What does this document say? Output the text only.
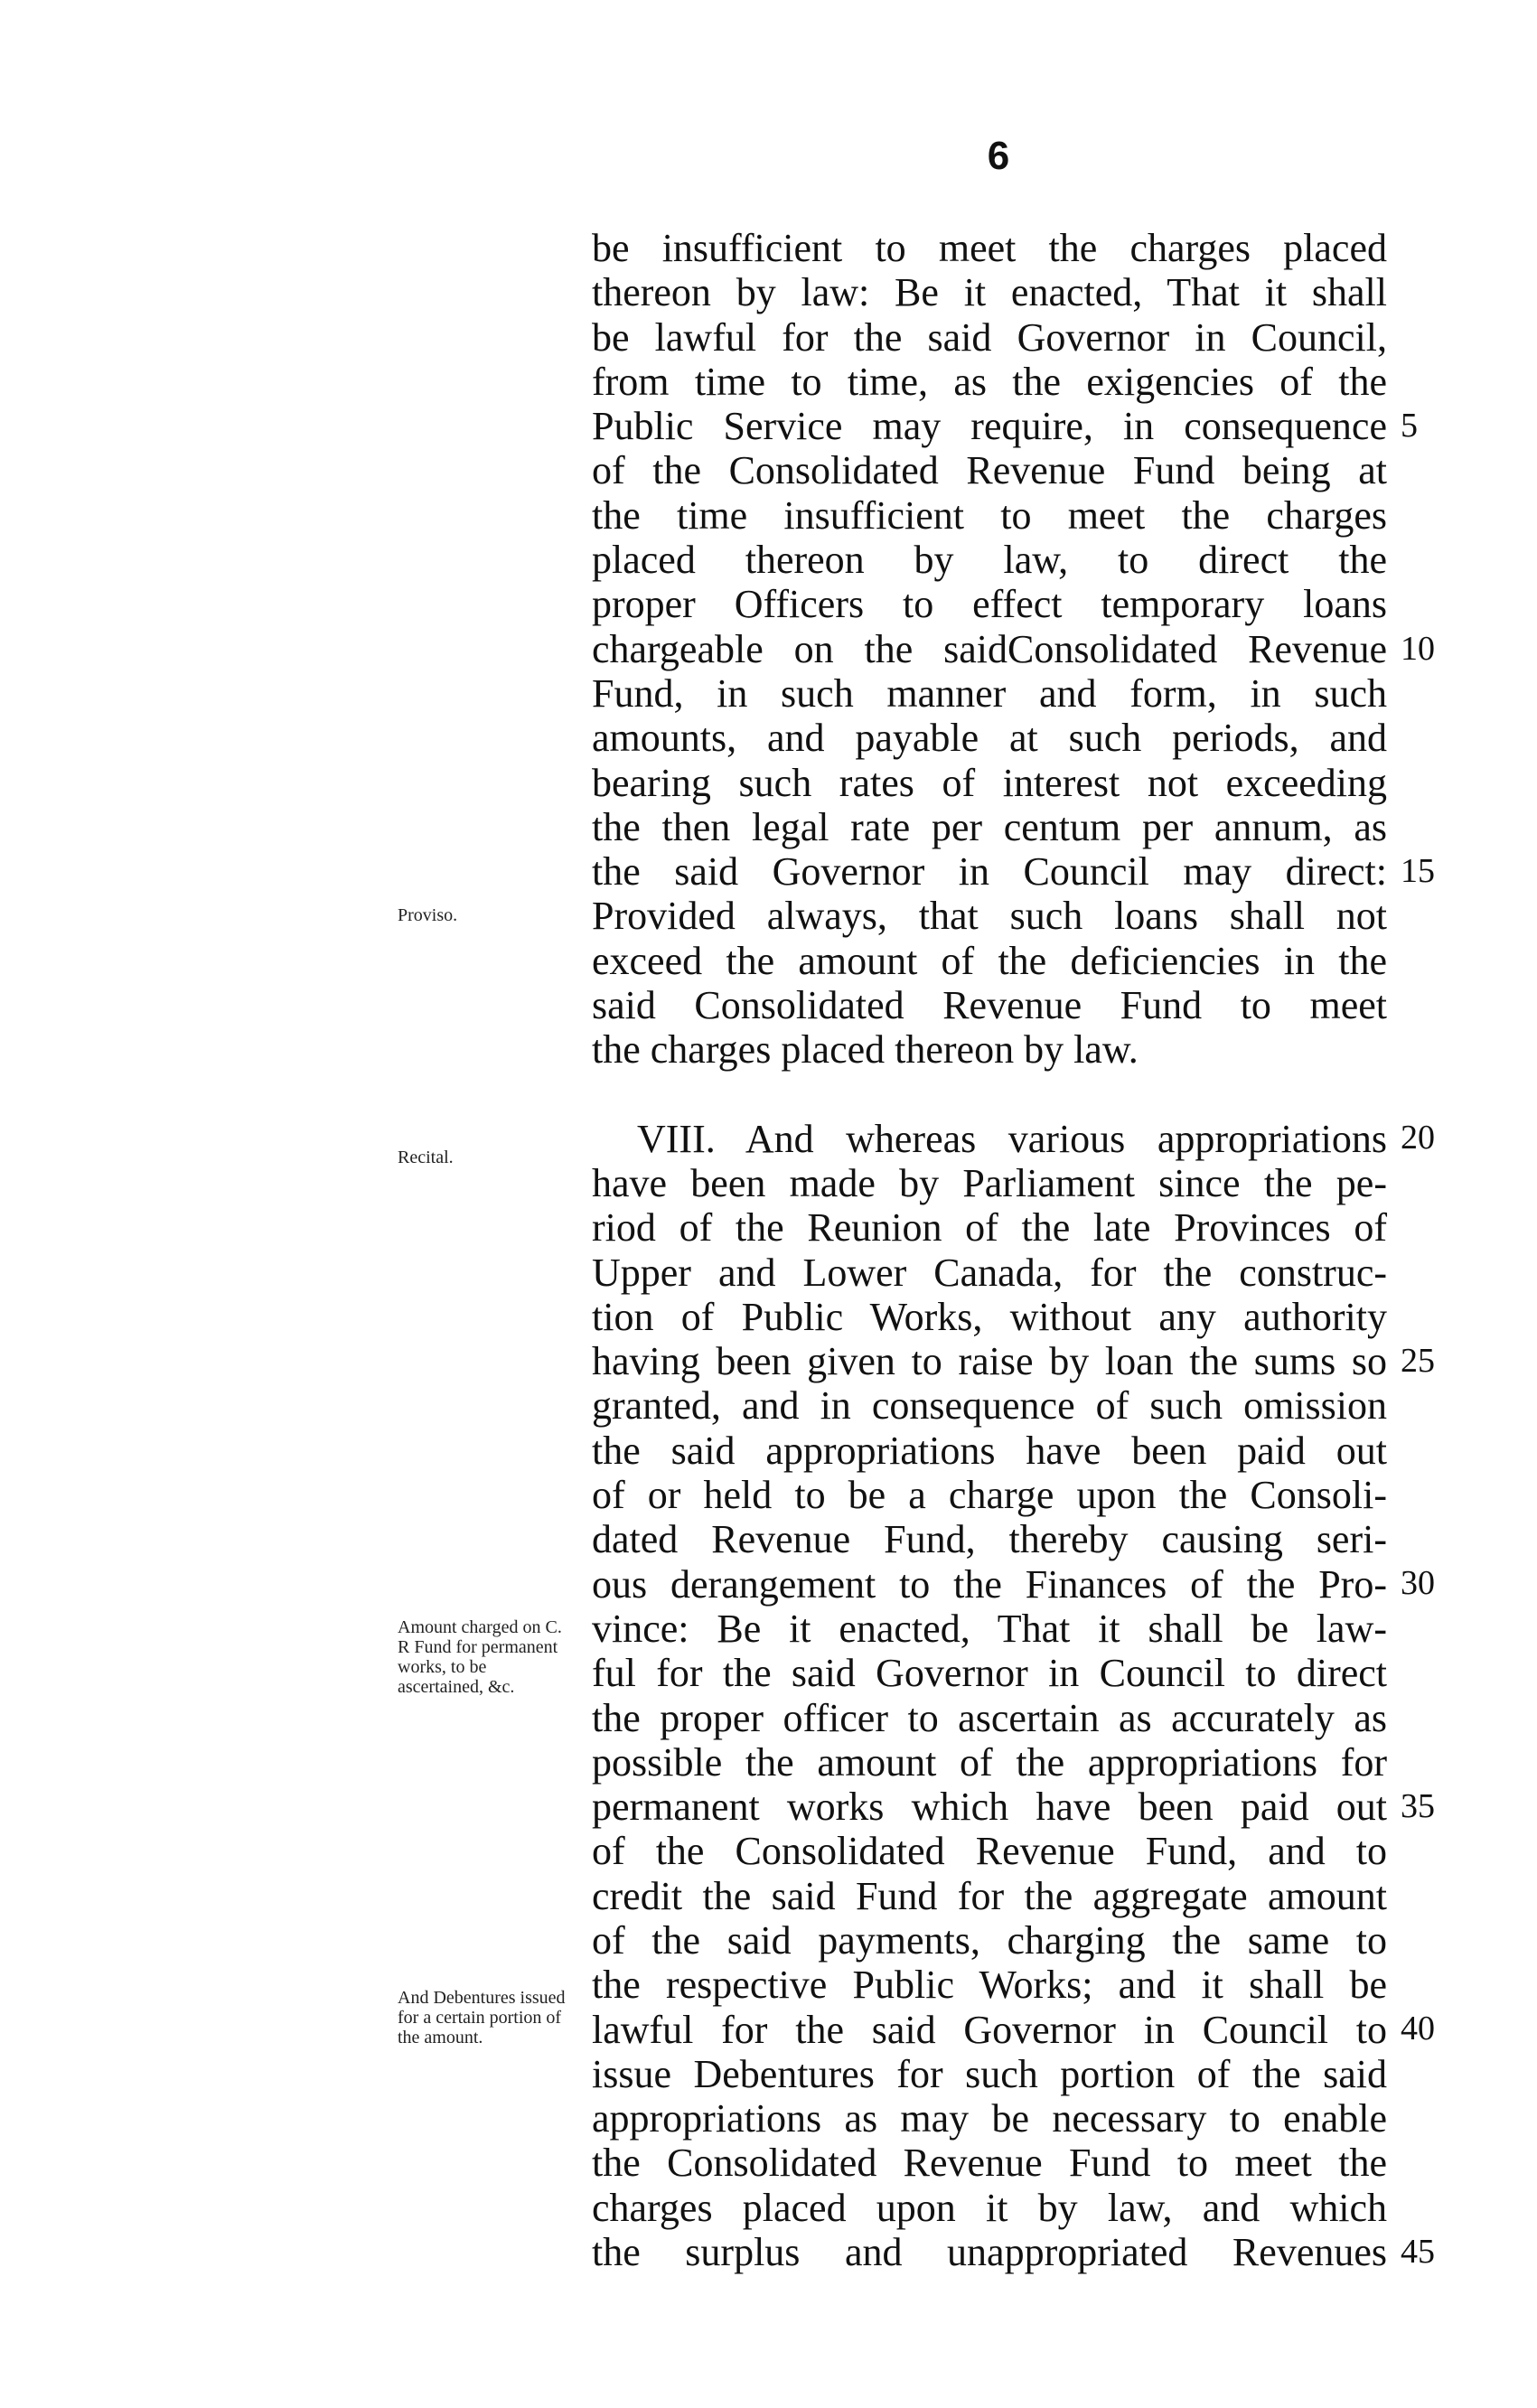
6
Proviso.
Recital.
Amount charged on C. R Fund for permanent works, to be ascertained, &c.
And Debentures issued for a certain portion of the amount.
be insufficient to meet the charges placed
thereon by law: Be it enacted, That it shall
be lawful for the said Governor in Council,
from time to time, as the exigencies of the
Public Service may require, in consequence
of the Consolidated Revenue Fund being at
the time insufficient to meet the charges
placed thereon by law, to direct the
proper Officers to effect temporary loans
chargeable on the saidConsolidated Revenue
Fund, in such manner and form, in such
amounts, and payable at such periods, and
bearing such rates of interest not exceeding
the then legal rate per centum per annum, as
the said Governor in Council may direct:
Provided always, that such loans shall not
exceed the amount of the deficiencies in the
said Consolidated Revenue Fund to meet
the charges placed thereon by law.
VIII. And whereas various appropriations
have been made by Parliament since the pe-
riod of the Reunion of the late Provinces of
Upper and Lower Canada, for the construc-
tion of Public Works, without any authority
having been given to raise by loan the sums so
granted, and in consequence of such omission
the said appropriations have been paid out
of or held to be a charge upon the Consoli-
dated Revenue Fund, thereby causing seri-
ous derangement to the Finances of the Pro-
vince: Be it enacted, That it shall be law-
ful for the said Governor in Council to direct
the proper officer to ascertain as accurately as
possible the amount of the appropriations for
permanent works which have been paid out
of the Consolidated Revenue Fund, and to
credit the said Fund for the aggregate amount
of the said payments, charging the same to
the respective Public Works; and it shall be
lawful for the said Governor in Council to
issue Debentures for such portion of the said
appropriations as may be necessary to enable
the Consolidated Revenue Fund to meet the
charges placed upon it by law, and which
the surplus and unappropriated Revenues
5
10
15
20
25
30
35
40
45
